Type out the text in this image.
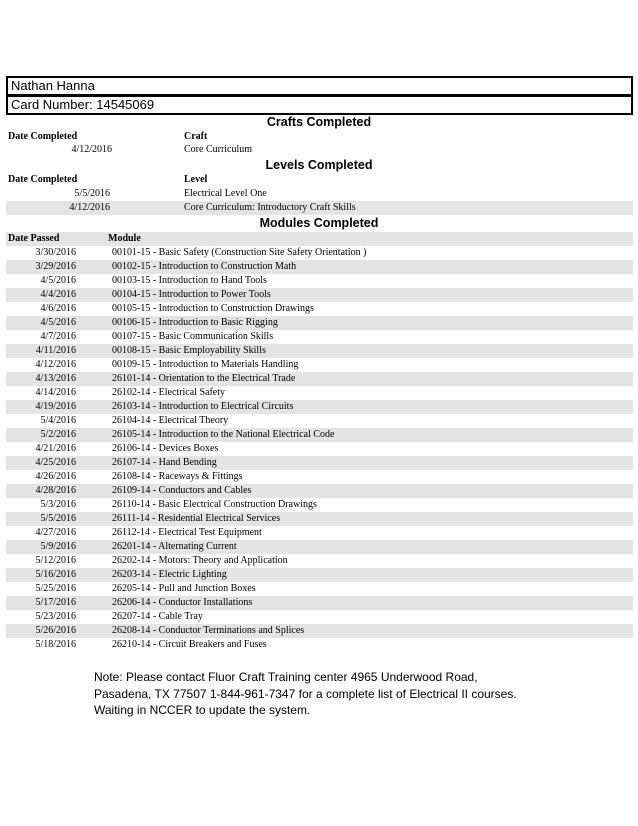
Nathan Hanna
Card Number: 14545069
Crafts Completed
Date Completed	Craft
4/12/2016	Core Curriculum
Levels Completed
Date Completed	Level
5/5/2016	Electrical Level One
4/12/2016	Core Curriculum: Introductory Craft Skills
Modules Completed
Date Passed	Module
3/30/2016	00101-15 - Basic Safety (Construction Site Safety Orientation )
3/29/2016	00102-15 - Introduction to Construction Math
4/5/2016	00103-15 - Introduction to Hand Tools
4/4/2016	00104-15 - Introduction to Power Tools
4/6/2016	00105-15 - Introduction to Construction Drawings
4/5/2016	00106-15 - Introduction to Basic Rigging
4/7/2016	00107-15 - Basic Communication Skills
4/11/2016	00108-15 - Basic Employability Skills
4/12/2016	00109-15 - Introduction to Materials Handling
4/13/2016	26101-14 - Orientation to the Electrical Trade
4/14/2016	26102-14 - Electrical Safety
4/19/2016	26103-14 - Introduction to Electrical Circuits
5/4/2016	26104-14 - Electrical Theory
5/2/2016	26105-14 - Introduction to the National Electrical Code
4/21/2016	26106-14 - Devices Boxes
4/25/2016	26107-14 - Hand Bending
4/26/2016	26108-14 - Raceways & Fittings
4/28/2016	26109-14 - Conductors and Cables
5/3/2016	26110-14 - Basic Electrical Construction Drawings
5/5/2016	26111-14 - Residential Electrical Services
4/27/2016	26112-14 - Electrical Test Equipment
5/9/2016	26201-14 - Alternating Current
5/12/2016	26202-14 - Motors: Theory and Application
5/16/2016	26203-14 - Electric Lighting
5/25/2016	26205-14 - Pull and Junction Boxes
5/17/2016	26206-14 - Conductor Installations
5/23/2016	26207-14 - Cable Tray
5/26/2016	26208-14 - Conductor Terminations and Splices
5/18/2016	26210-14 - Circuit Breakers and Fuses
Note: Please contact Fluor Craft Training center 4965 Underwood Road,
Pasadena, TX 77507 1-844-961-7347 for a complete list of Electrical II courses.
Waiting in NCCER to update the system.
